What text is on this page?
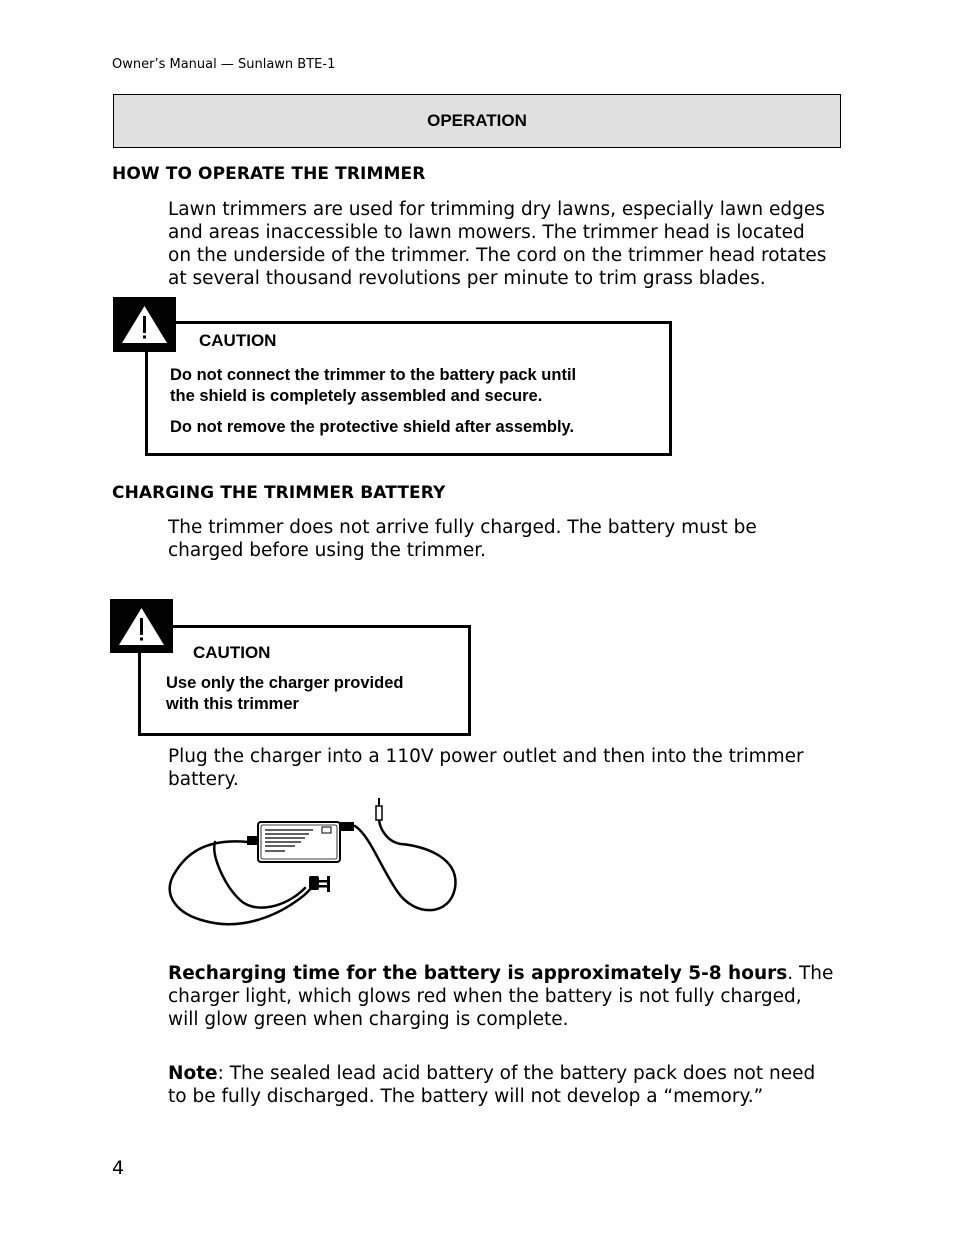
Owner’s Manual — Sunlawn BTE-1
OPERATION
HOW TO OPERATE THE TRIMMER
Lawn trimmers are used for trimming dry lawns, especially lawn edges
and areas inaccessible to lawn mowers. The trimmer head is located
on the underside of the trimmer. The cord on the trimmer head rotates
at several thousand revolutions per minute to trim grass blades.
CAUTION
Do not connect the trimmer to the battery pack until
the shield is completely assembled and secure.
Do not remove the protective shield after assembly.
CHARGING THE TRIMMER BATTERY
The trimmer does not arrive fully charged. The battery must be
charged before using the trimmer.
CAUTION
Use only the charger provided
with this trimmer
Plug the charger into a 110V power outlet and then into the trimmer
battery.
Recharging time for the battery is approximately 5-8 hours. The
charger light, which glows red when the battery is not fully charged,
will glow green when charging is complete.
Note: The sealed lead acid battery of the battery pack does not need
to be fully discharged. The battery will not develop a “memory.”
4
